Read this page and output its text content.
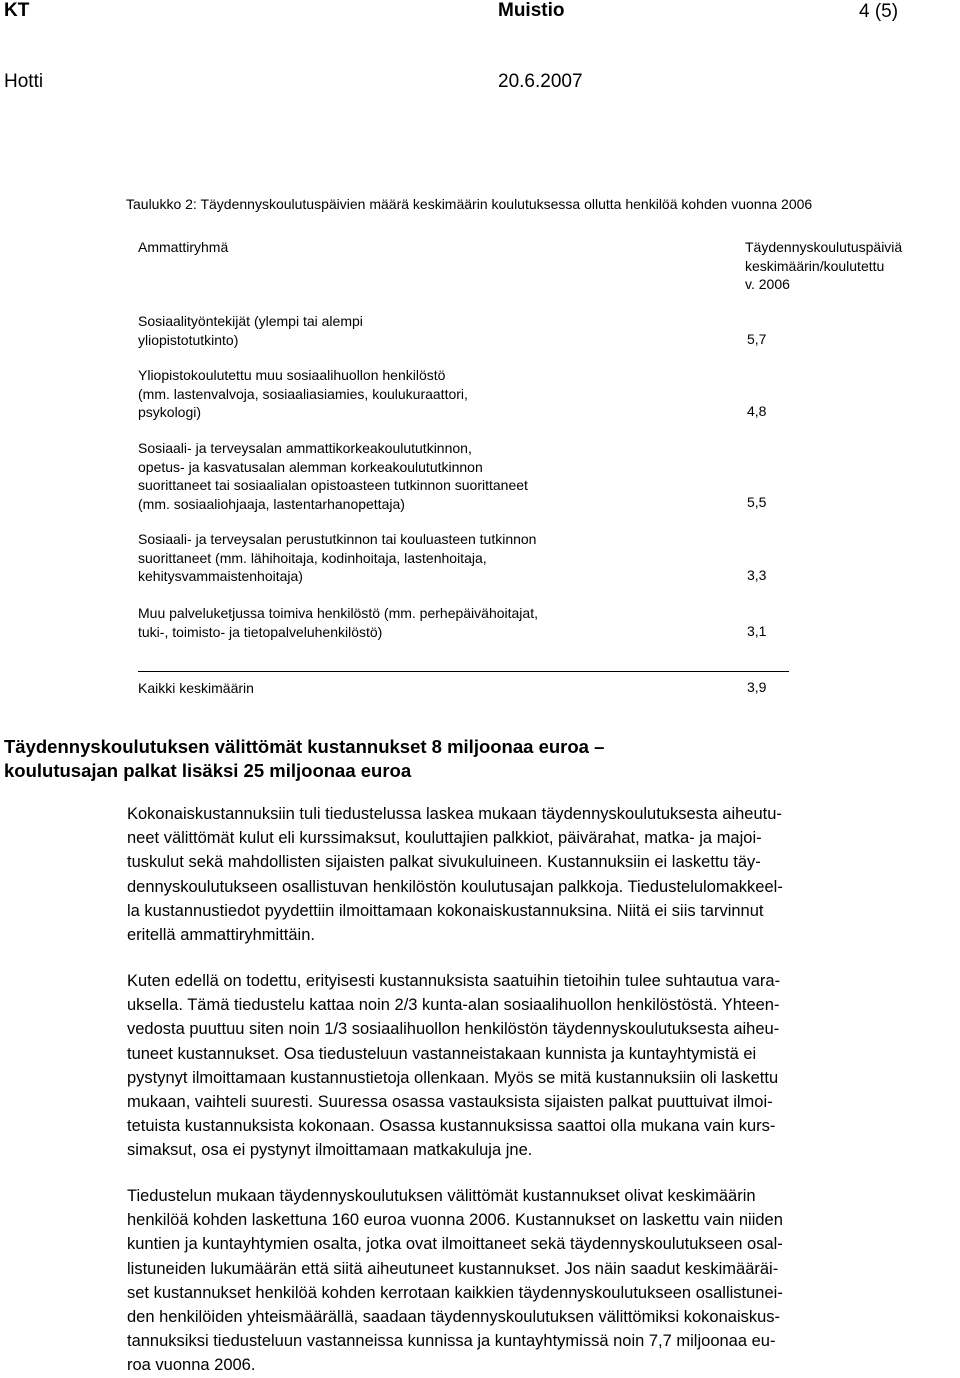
KT	Muistio	4 (5)
Hotti	20.6.2007
Taulukko 2: Täydennyskoulutuspäivien määrä keskimäärin koulutuksessa ollutta henkilöä kohden vuonna 2006
Ammattiryhmä	Täydennyskoulutuspäiviä
keskimäärin/koulutettu
v. 2006
Sosiaalityöntekijät (ylempi tai alempi
yliopistotutkinto)	5,7
Yliopistokoulutettu muu sosiaalihuollon henkilöstö
(mm. lastenvalvoja, sosiaaliasiamies, koulukuraattori,
psykologi)	4,8
Sosiaali- ja terveysalan ammattikorkeakoulututkinnon,
opetus- ja kasvatusalan alemman korkeakoulututkinnon
suorittaneet tai sosiaalialan opistoasteen tutkinnon suorittaneet
(mm. sosiaaliohjaaja, lastentarhanopettaja)	5,5
Sosiaali- ja terveysalan perustutkinnon tai kouluasteen tutkinnon
suorittaneet (mm. lähihoitaja, kodinhoitaja, lastenhoitaja,
kehitysvammaistenhoitaja)	3,3
Muu palveluketjussa toimiva henkilöstö (mm. perhepäivähoitajat,
tuki-, toimisto- ja tietopalveluhenkilöstö)	3,1
Kaikki keskimäärin	3,9
Täydennyskoulutuksen välittömät kustannukset 8 miljoonaa euroa –
koulutusajan palkat lisäksi 25 miljoonaa euroa
Kokonaiskustannuksiin tuli tiedustelussa laskea mukaan täydennyskoulutuksesta aiheutu-
neet välittömät kulut eli kurssimaksut, kouluttajien palkkiot, päivärahat, matka- ja majoi-
tuskulut sekä mahdollisten sijaisten palkat sivukuluineen. Kustannuksiin ei laskettu täy-
dennyskoulutukseen osallistuvan henkilöstön koulutusajan palkkoja. Tiedustelulomakkeel-
la kustannustiedot pyydettiin ilmoittamaan kokonaiskustannuksina. Niitä ei siis tarvinnut
eritellä ammattiryhmittäin.
Kuten edellä on todettu, erityisesti kustannuksista saatuihin tietoihin tulee suhtautua vara-
uksella. Tämä tiedustelu kattaa noin 2/3 kunta-alan sosiaalihuollon henkilöstöstä. Yhteen-
vedosta puuttuu siten noin 1/3 sosiaalihuollon henkilöstön täydennyskoulutuksesta aiheu-
tuneet kustannukset. Osa tiedusteluun vastanneistakaan kunnista ja kuntayhtymistä ei
pystynyt ilmoittamaan kustannustietoja ollenkaan. Myös se mitä kustannuksiin oli laskettu
mukaan, vaihteli suuresti. Suuressa osassa vastauksista sijaisten palkat puuttuivat ilmoi-
tetuista kustannuksista kokonaan. Osassa kustannuksissa saattoi olla mukana vain kurs-
simaksut, osa ei pystynyt ilmoittamaan matkakuluja jne.
Tiedustelun mukaan täydennyskoulutuksen välittömät kustannukset olivat keskimäärin
henkilöä kohden laskettuna 160 euroa vuonna 2006. Kustannukset on laskettu vain niiden
kuntien ja kuntayhtymien osalta, jotka ovat ilmoittaneet sekä täydennyskoulutukseen osal-
listuneiden lukumäärän että siitä aiheutuneet kustannukset. Jos näin saadut keskimääräi-
set kustannukset henkilöä kohden kerrotaan kaikkien täydennyskoulutukseen osallistunei-
den henkilöiden yhteismäärällä, saadaan täydennyskoulutuksen välittömiksi kokonaiskus-
tannuksiksi tiedusteluun vastanneissa kunnissa ja kuntayhtymissä noin 7,7 miljoonaa eu-
roa vuonna 2006.
